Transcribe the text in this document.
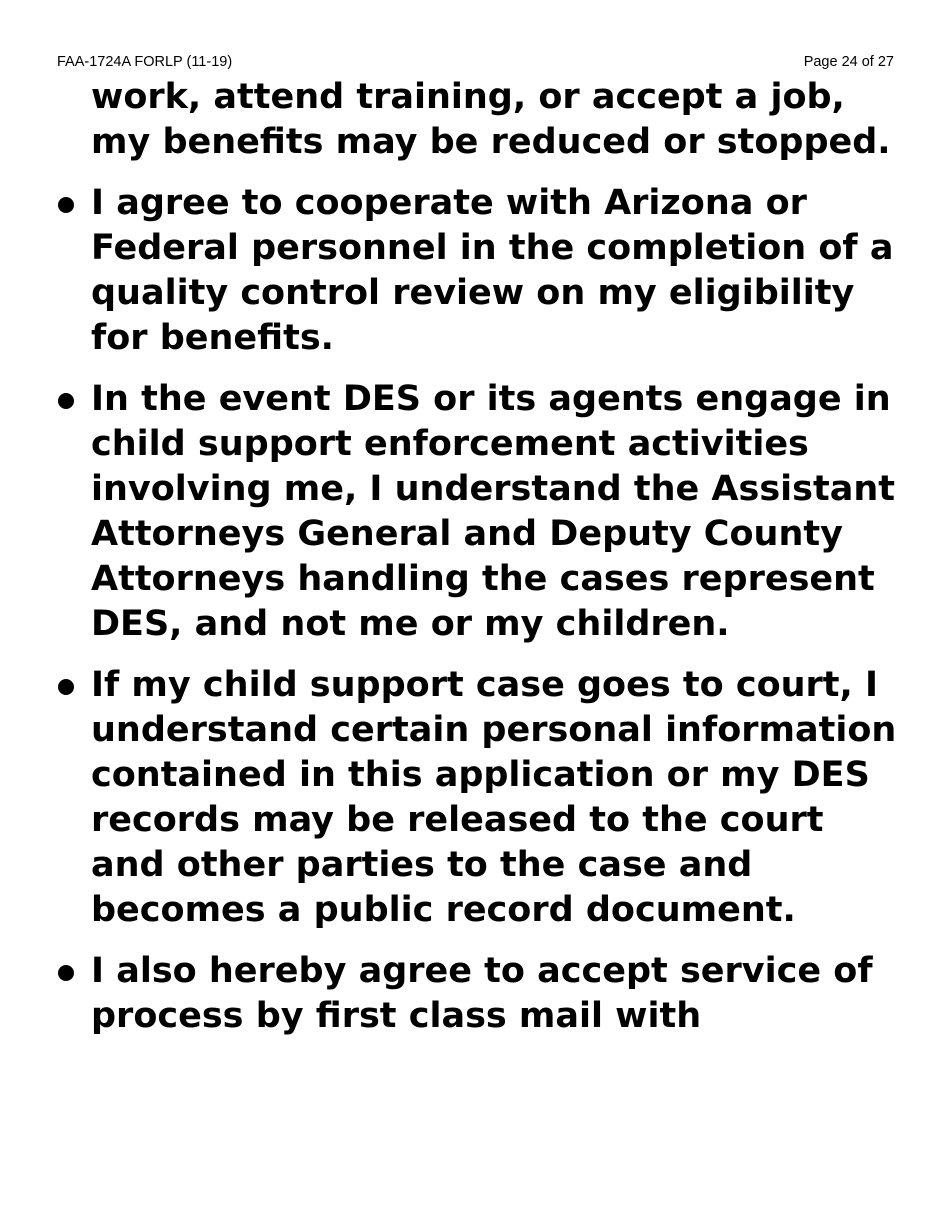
FAA-1724A FORLP (11-19)	Page 24 of 27

work, attend training, or accept a job, my benefits may be reduced or stopped.

I agree to cooperate with Arizona or Federal personnel in the completion of a quality control review on my eligibility for benefits.
In the event DES or its agents engage in child support enforcement activities involving me, I understand the Assistant Attorneys General and Deputy County Attorneys handling the cases represent DES, and not me or my children.
If my child support case goes to court, I understand certain personal information contained in this application or my DES records may be released to the court and other parties to the case and becomes a public record document.
I also hereby agree to accept service of process by first class mail with
